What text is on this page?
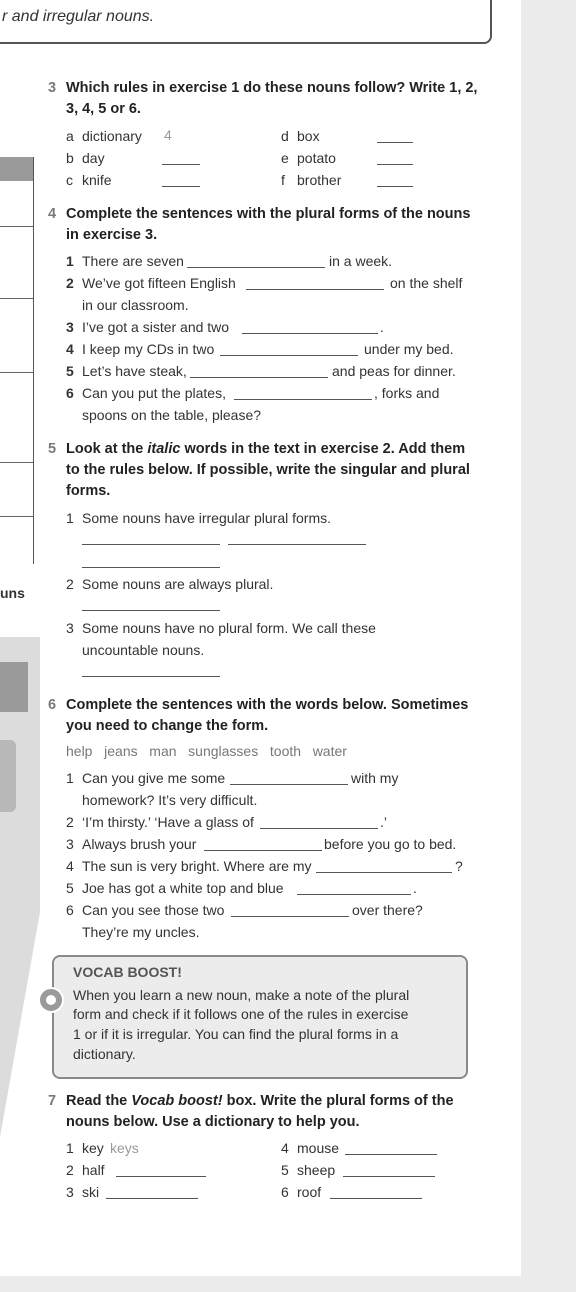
r and irregular nouns.
uns
3 Which rules in exercise 1 do these nouns follow? Write 1, 2,
3, 4, 5 or 6.
a dictionary 4
b day
c knife
d box
e potato
f brother
4 Complete the sentences with the plural forms of the nouns
in exercise 3.
1 There are seven	in a week.
2 We’ve got fifteen English	on the shelf
in our classroom.
3 I’ve got a sister and two	.
4 I keep my CDs in two	under my bed.
5 Let’s have steak,	and peas for dinner.
6 Can you put the plates,	, forks and
spoons on the table, please?
5 Look at the italic words in the text in exercise 2. Add them
to the rules below. If possible, write the singular and plural
forms.
1 Some nouns have irregular plural forms.
2 Some nouns are always plural.
3 Some nouns have no plural form. We call these
uncountable nouns.
6 Complete the sentences with the words below. Sometimes
you need to change the form.
help   jeans   man   sunglasses   tooth   water
1 Can you give me some	with my
homework? It’s very difficult.
2 ‘I’m thirsty.’ ‘Have a glass of	.’
3 Always brush your	before you go to bed.
4 The sun is very bright. Where are my	?
5 Joe has got a white top and blue	.
6 Can you see those two	over there?
They’re my uncles.
VOCAB BOOST!
When you learn a new noun, make a note of the plural
form and check if it follows one of the rules in exercise
1 or if it is irregular. You can find the plural forms in a
dictionary.
7 Read the Vocab boost! box. Write the plural forms of the
nouns below. Use a dictionary to help you.
1 key keys
2 half
3 ski
4 mouse
5 sheep
6 roof
